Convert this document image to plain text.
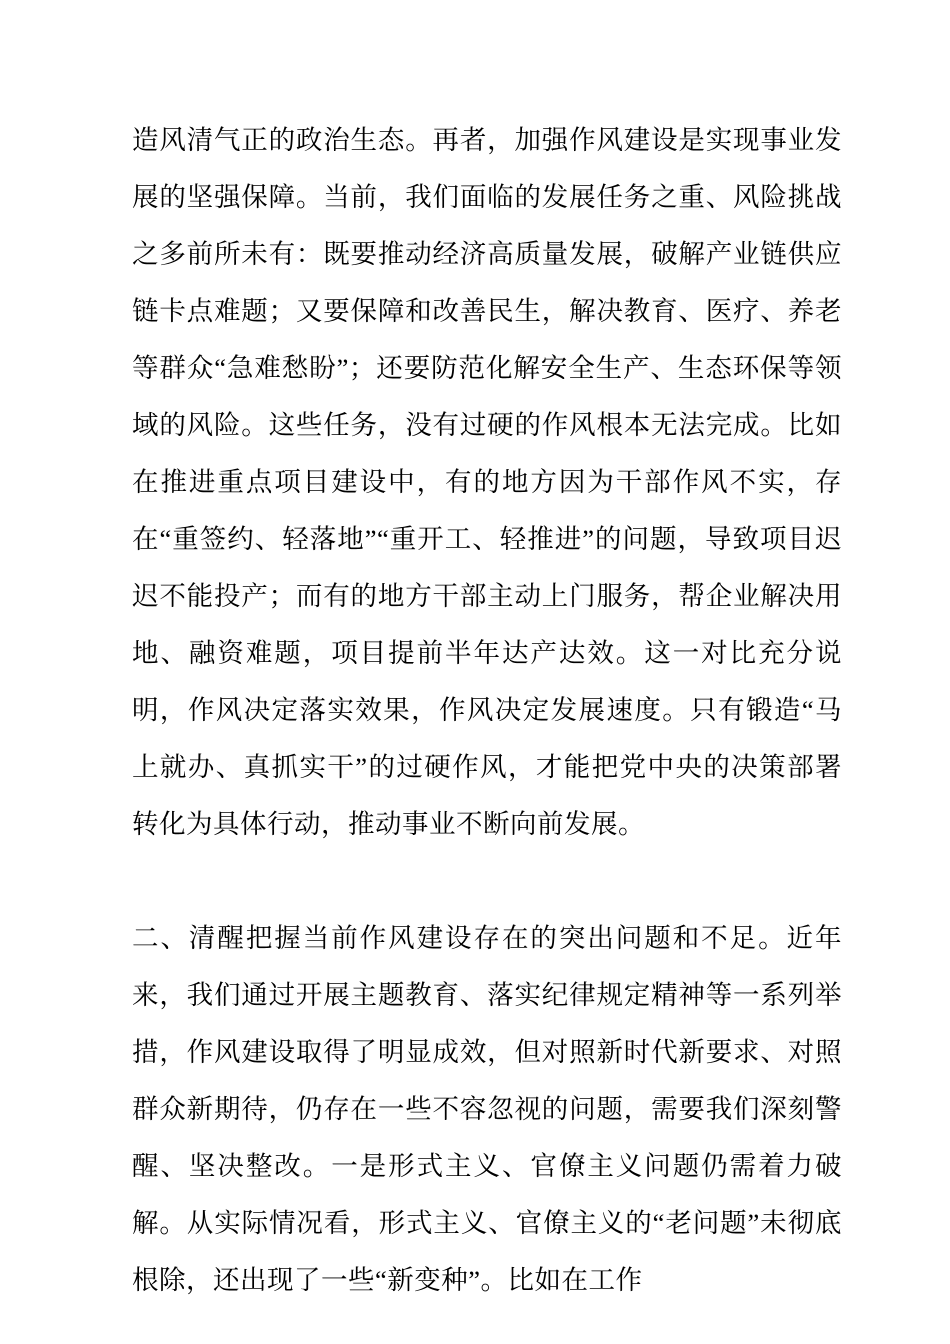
造风清气正的政治生态。再者，加强作风建设是实现事业发展的坚强保障。当前，我们面临的发展任务之重、风险挑战之多前所未有：既要推动经济高质量发展，破解产业链供应链卡点难题；又要保障和改善民生，解决教育、医疗、养老等群众“急难愁盼”；还要防范化解安全生产、生态环保等领域的风险。这些任务，没有过硬的作风根本无法完成。比如在推进重点项目建设中，有的地方因为干部作风不实，存在“重签约、轻落地”“重开工、轻推进”的问题，导致项目迟迟不能投产；而有的地方干部主动上门服务，帮企业解决用地、融资难题，项目提前半年达产达效。这一对比充分说明，作风决定落实效果，作风决定发展速度。只有锻造“马上就办、真抓实干”的过硬作风，才能把党中央的决策部署转化为具体行动，推动事业不断向前发展。

二、清醒把握当前作风建设存在的突出问题和不足。近年来，我们通过开展主题教育、落实纪律规定精神等一系列举措，作风建设取得了明显成效，但对照新时代新要求、对照群众新期待，仍存在一些不容忽视的问题，需要我们深刻警醒、坚决整改。一是形式主义、官僚主义问题仍需着力破解。从实际情况看，形式主义、官僚主义的“老问题”未彻底根除，还出现了一些“新变种”。比如在工作
